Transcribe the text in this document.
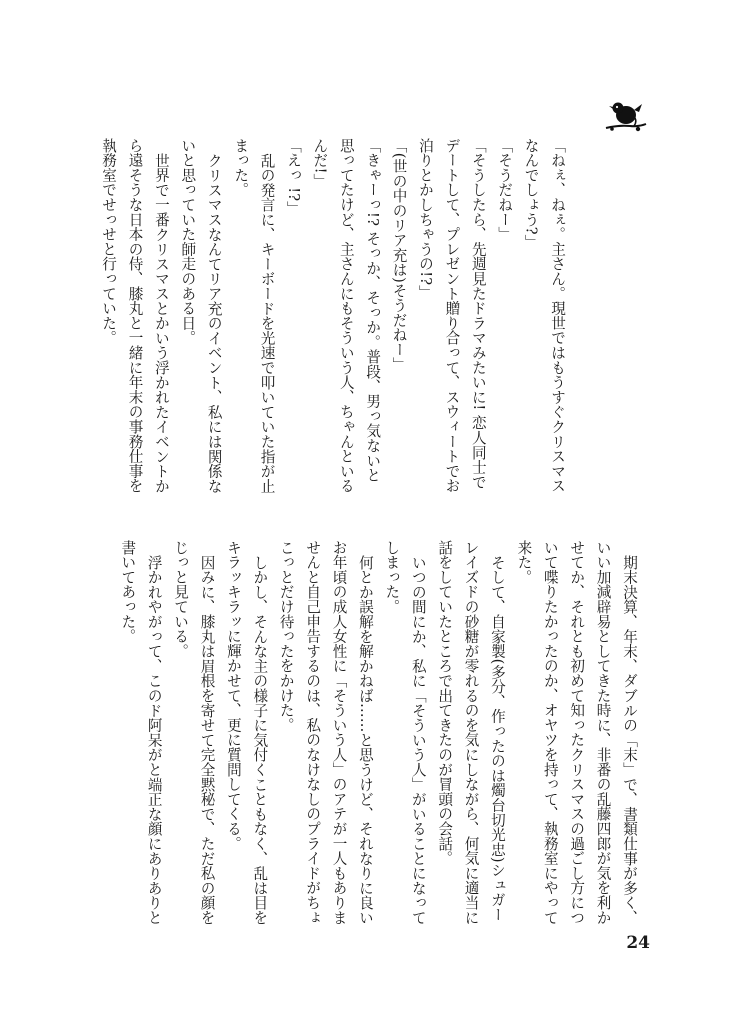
「ねぇ、ねぇ。主さん。現世ではもうすぐクリスマスなんでしょう?」

「そうだねー」

「そうしたら、先週見たドラマみたいに! 恋人同士でデートして、プレゼント贈り合って、スウィートでお泊りとかしちゃうの!?」

「(世の中のリア充は)そうだねー」

「きゃーっ!? そっか、そっか。普段、男っ気ないと思ってたけど、主さんにもそういう人、ちゃんといるんだ!」

「えっ !?」

乱の発言に、キーボードを光速で叩いていた指が止まった。

クリスマスなんてリア充のイベント、私には関係ないと思っていた師走のある日。

世界で一番クリスマスとかいう浮かれたイベントから遠そうな日本の侍、膝丸と一緒に年末の事務仕事を執務室でせっせと行っていた。

期末決算、年末、ダブルの「末」で、書類仕事が多く、いい加減辟易としてきた時に、非番の乱藤四郎が気を利かせてか、それとも初めて知ったクリスマスの過ごし方について喋りたかったのか、オヤツを持って、執務室にやって来た。

そして、自家製(多分、作ったのは燭台切光忠)シュガーレイズドの砂糖が零れるのを気にしながら、何気に適当に話をしていたところで出てきたのが冒頭の会話。

いつの間にか、私に「そういう人」がいることになってしまった。

何とか誤解を解かねば……と思うけど、それなりに良いお年頃の成人女性に「そういう人」のアテが一人もありませんと自己申告するのは、私のなけなしのプライドがちょこっとだけ待ったをかけた。

しかし、そんな主の様子に気付くこともなく、乱は目をキラッキラッに輝かせて、更に質問してくる。

因みに、膝丸は眉根を寄せて完全黙秘で、ただ私の顔をじっと見ている。

浮かれやがって、このド阿呆がと端正な顔にありありと書いてあった。

24
